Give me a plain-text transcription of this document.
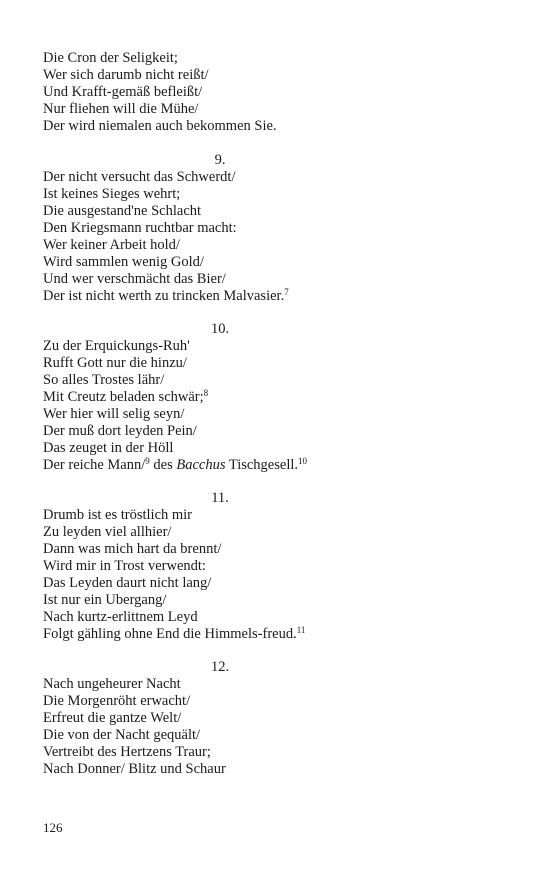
Die Cron der Seligkeit;
Wer sich darumb nicht reißt/
Und Krafft-gemäß befleißt/
Nur fliehen will die Mühe/
Der wird niemalen auch bekommen Sie.
9.
Der nicht versucht das Schwerdt/
Ist keines Sieges wehrt;
Die ausgestand'ne Schlacht
Den Kriegsmann ruchtbar macht:
Wer keiner Arbeit hold/
Wird sammlen wenig Gold/
Und wer verschmächt das Bier/
Der ist nicht werth zu trincken Malvasier.$^7$
10.
Zu der Erquickungs-Ruh'
Rufft Gott nur die hinzu/
So alles Trostes lähr/
Mit Creutz beladen schwär;$^8$
Wer hier will selig seyn/
Der muß dort leyden Pein/
Das zeuget in der Höll
Der reiche Mann/$^9$ des Bacchus Tischgesell.$^{10}$
11.
Drumb ist es tröstlich mir
Zu leyden viel allhier/
Dann was mich hart da brennt/
Wird mir in Trost verwendt:
Das Leyden daurt nicht lang/
Ist nur ein Ubergang/
Nach kurtz-erlittnem Leyd
Folgt gähling ohne End die Himmels-freud.$^{11}$
12.
Nach ungeheurer Nacht
Die Morgenröht erwacht/
Erfreut die gantze Welt/
Die von der Nacht gequält/
Vertreibt des Hertzens Traur;
Nach Donner/ Blitz und Schaur
126
